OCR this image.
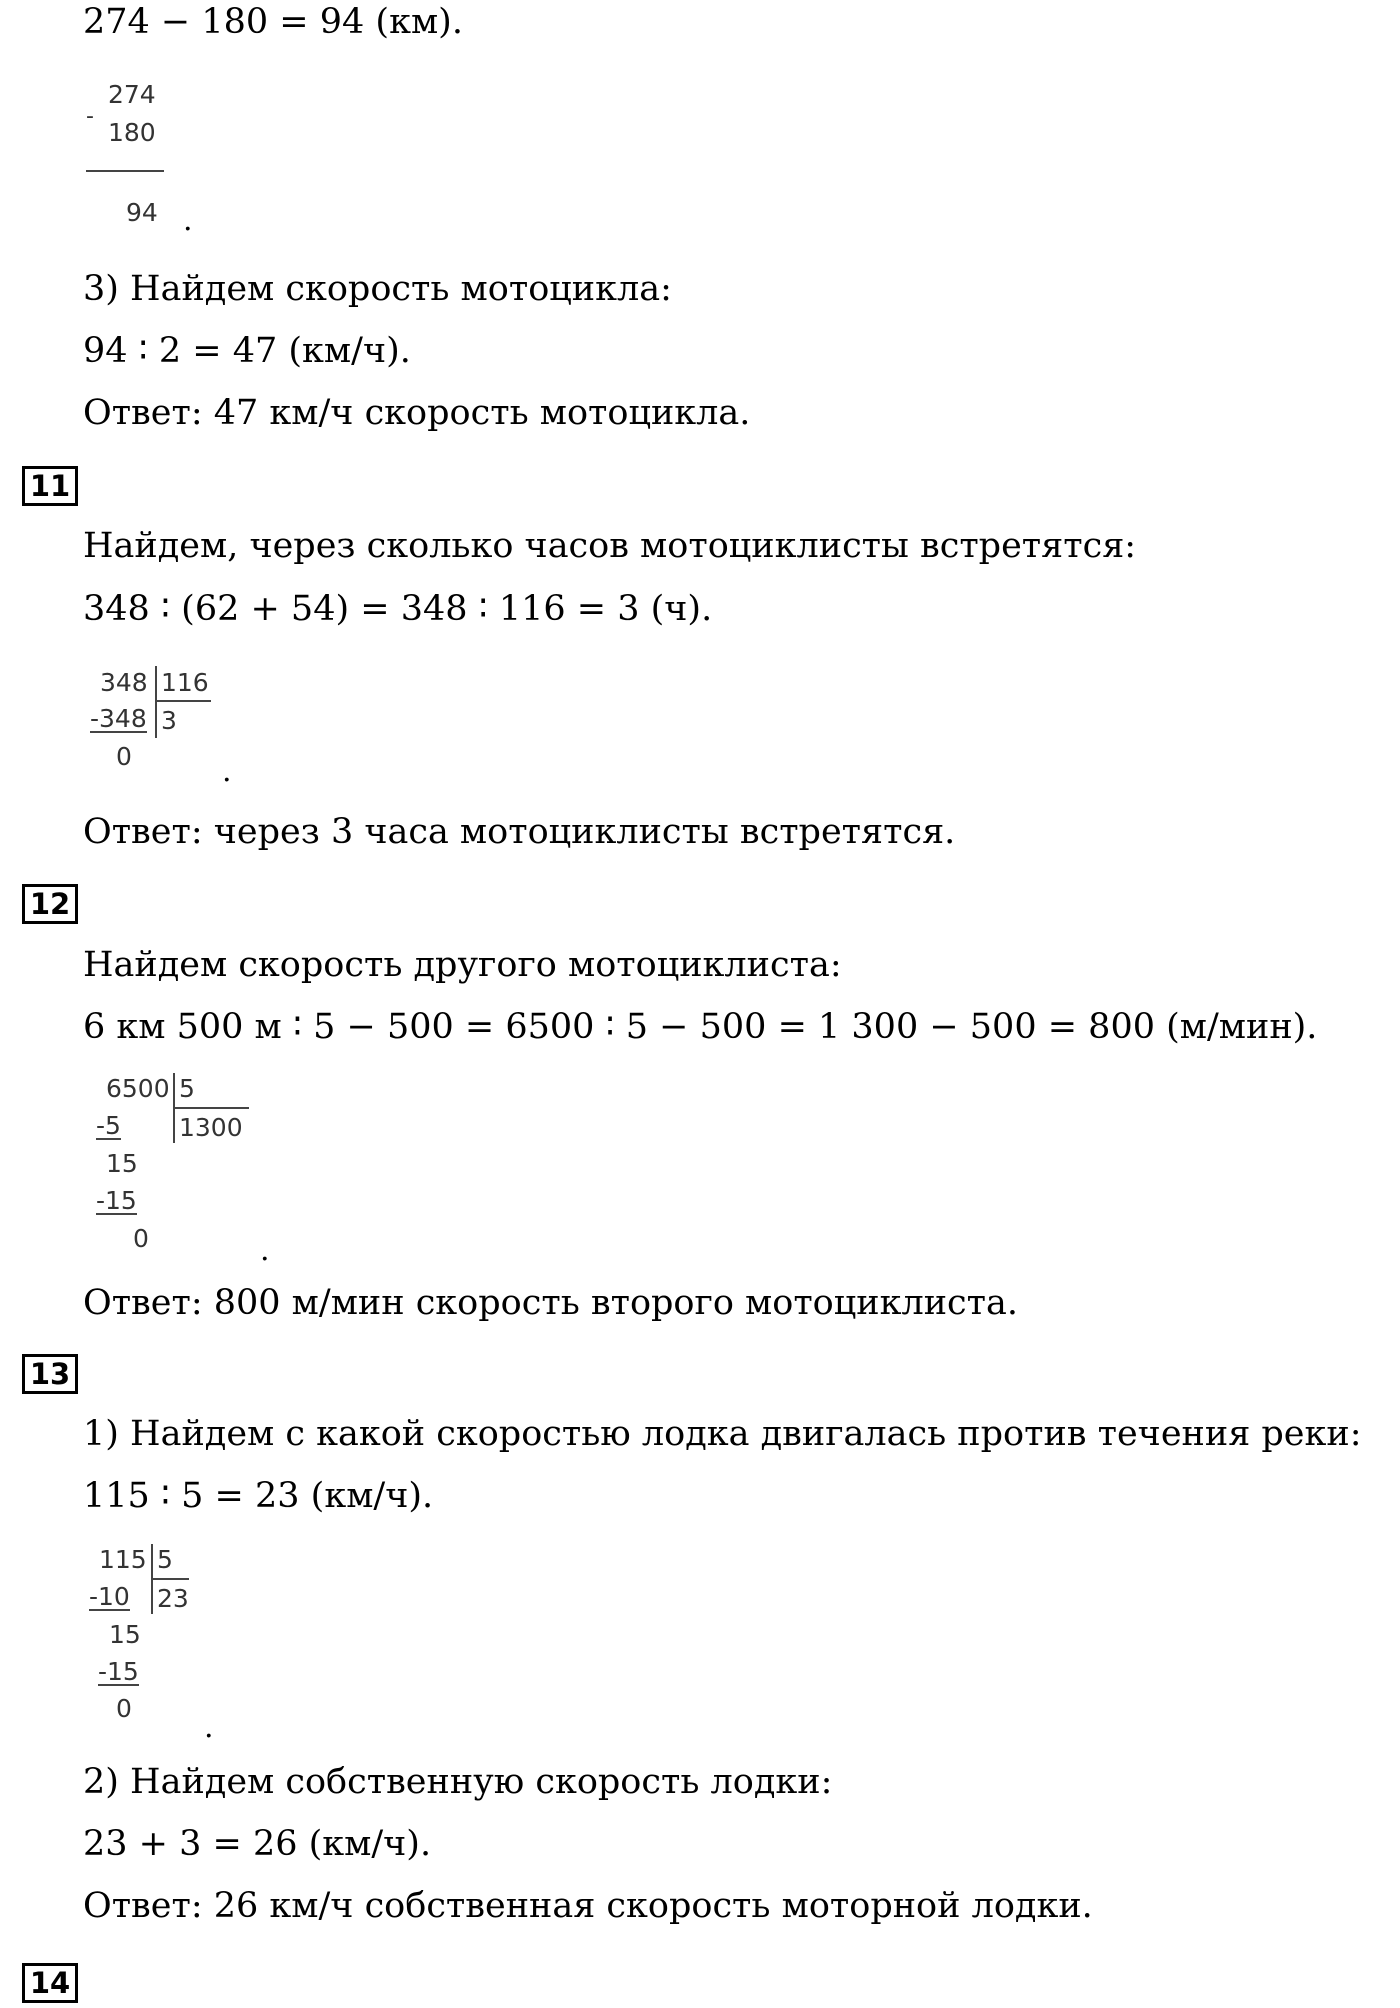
274 − 180 = 94 (км).
-
274
180
94 .
3) Найдем скорость мотоцикла:
94 ∶ 2 = 47 (км/ч).
Ответ: 47 км/ч скорость мотоцикла.
11
Найдем, через сколько часов мотоциклисты встретятся:
348 ∶ (62 + 54) = 348 ∶ 116 = 3 (ч).
348 116
-348 3
0	.
Ответ: через 3 часа мотоциклисты встретятся.
12
Найдем скорость другого мотоциклиста:
6 км 500 м ∶ 5 − 500 = 6500 ∶ 5 − 500 = 1 300 − 500 = 800 (м/мин).
6500 5
-5 1300
15
-15
0	.
Ответ: 800 м/мин скорость второго мотоциклиста.
13
1) Найдем с какой скоростью лодка двигалась против течения реки:
115 ∶ 5 = 23 (км/ч).
115 5
-10 23
15
-15
0
.
2) Найдем собственную скорость лодки:
23 + 3 = 26 (км/ч).
Ответ: 26 км/ч собственная скорость моторной лодки.
14
